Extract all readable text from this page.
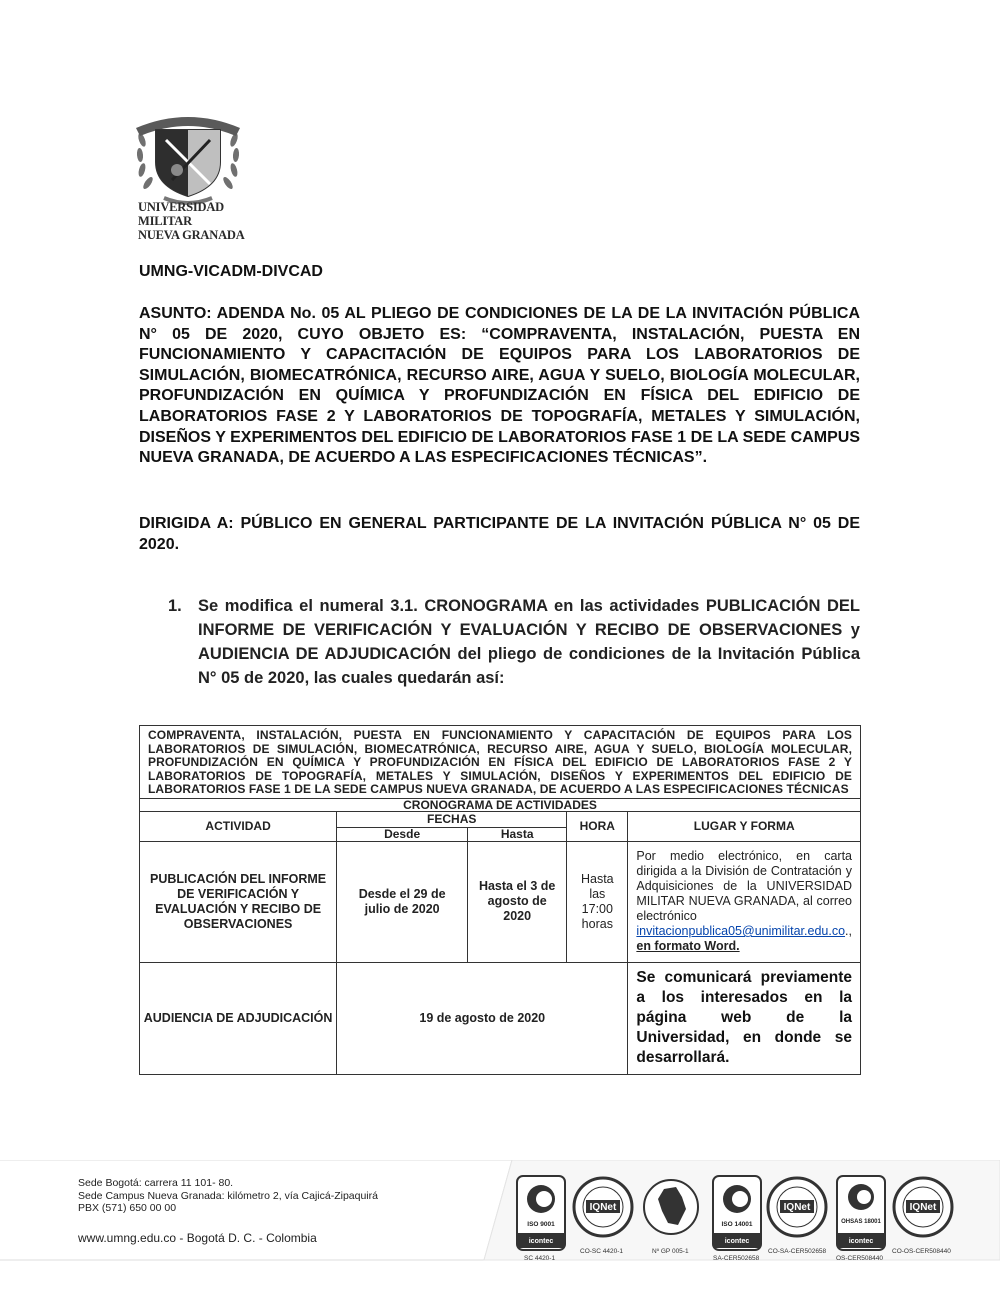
UNIVERSIDAD MILITAR
NUEVA GRANADA
UMNG-VICADM-DIVCAD
ASUNTO: ADENDA No. 05 AL PLIEGO DE CONDICIONES DE LA DE LA INVITACIÓN PÚBLICA N° 05 DE 2020, CUYO OBJETO ES: “COMPRAVENTA, INSTALACIÓN, PUESTA EN FUNCIONAMIENTO Y CAPACITACIÓN DE EQUIPOS PARA LOS LABORATORIOS DE SIMULACIÓN, BIOMECATRÓNICA, RECURSO AIRE, AGUA Y SUELO, BIOLOGÍA MOLECULAR, PROFUNDIZACIÓN EN QUÍMICA Y PROFUNDIZACIÓN EN FÍSICA DEL EDIFICIO DE LABORATORIOS FASE 2 Y LABORATORIOS DE TOPOGRAFÍA, METALES Y SIMULACIÓN, DISEÑOS Y EXPERIMENTOS DEL EDIFICIO DE LABORATORIOS FASE 1 DE LA SEDE CAMPUS NUEVA GRANADA, DE ACUERDO A LAS ESPECIFICACIONES TÉCNICAS”.
DIRIGIDA A: PÚBLICO EN GENERAL PARTICIPANTE DE LA INVITACIÓN PÚBLICA N° 05 DE 2020.
1. Se modifica el numeral 3.1. CRONOGRAMA en las actividades PUBLICACIÓN DEL INFORME DE VERIFICACIÓN Y EVALUACIÓN Y RECIBO DE OBSERVACIONES y AUDIENCIA DE ADJUDICACIÓN del pliego de condiciones de la Invitación Pública N° 05 de 2020, las cuales quedarán así:
COMPRAVENTA, INSTALACIÓN, PUESTA EN FUNCIONAMIENTO Y CAPACITACIÓN DE EQUIPOS PARA LOS LABORATORIOS DE SIMULACIÓN, BIOMECATRÓNICA, RECURSO AIRE, AGUA Y SUELO, BIOLOGÍA MOLECULAR, PROFUNDIZACIÓN EN QUÍMICA Y PROFUNDIZACIÓN EN FÍSICA DEL EDIFICIO DE LABORATORIOS FASE 2 Y LABORATORIOS DE TOPOGRAFÍA, METALES Y SIMULACIÓN, DISEÑOS Y EXPERIMENTOS DEL EDIFICIO DE LABORATORIOS FASE 1 DE LA SEDE CAMPUS NUEVA GRANADA, DE ACUERDO A LAS ESPECIFICACIONES TÉCNICAS				
CRONOGRAMA DE ACTIVIDADES				
ACTIVIDAD	FECHAS		HORA	LUGAR Y FORMA
	Desde	Hasta		
PUBLICACIÓN DEL INFORME DE VERIFICACIÓN Y EVALUACIÓN Y RECIBO DE OBSERVACIONES	Desde el 29 de julio de 2020	Hasta el 3 de agosto de 2020	Hasta las 17:00 horas	Por medio electrónico, en carta dirigida a la División de Contratación y Adquisiciones de la UNIVERSIDAD MILITAR NUEVA GRANADA, al correo electrónico invitacionpublica05@unimilitar.edu.co., en formato Word.
AUDIENCIA DE ADJUDICACIÓN	19 de agosto de 2020			Se comunicará previamente a los interesados en la página web de la Universidad, en donde se desarrollará.
Sede Bogotá: carrera 11 101- 80.
Sede Campus Nueva Granada: kilómetro 2, vía Cajicá-Zipaquirá
PBX (571) 650 00 00
www.umng.edu.co - Bogotá D. C. - Colombia
ISO 9001
icontec
IQNet
ISO 14001
icontec
IQNet
OHSAS 18001
icontec
IQNet
SC 4420-1
CO-SC 4420-1	Nº GP 005-1
SA-CER502658
CO-SA-CER502658
OS-CER508440
CO-OS-CER508440
